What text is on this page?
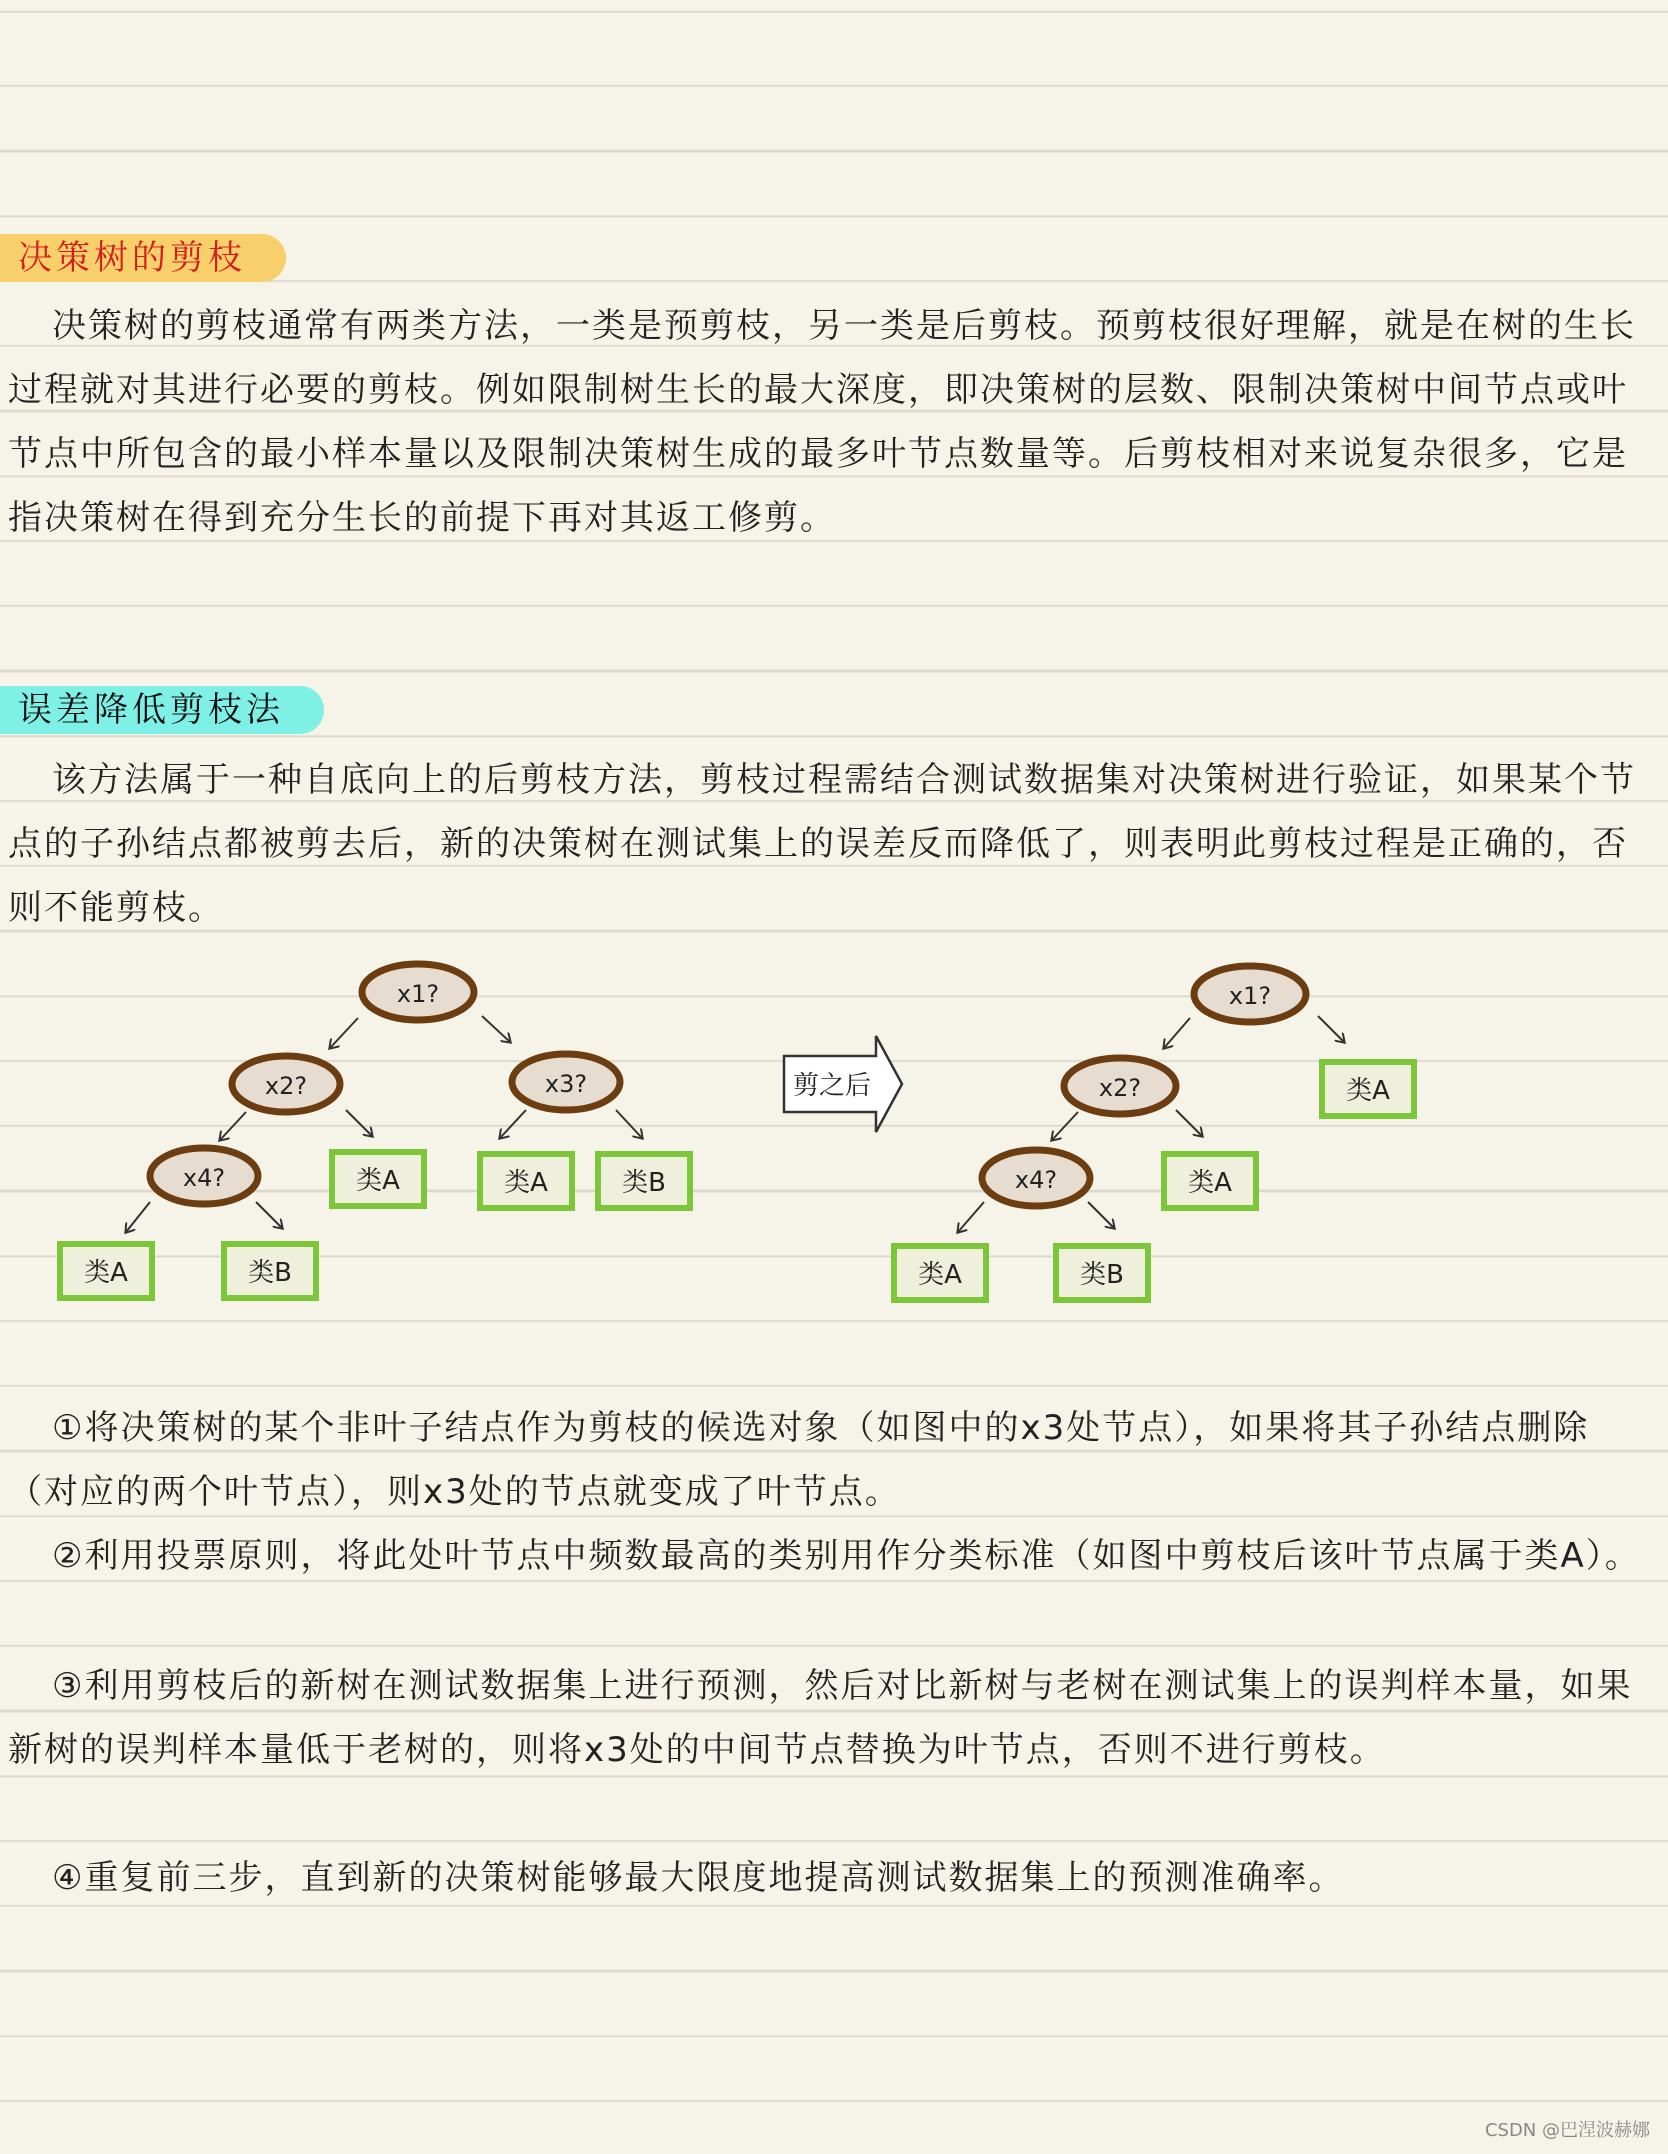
决策树的剪枝

决策树的剪枝通常有两类方法，一类是预剪枝，另一类是后剪枝。预剪枝很好理解，就是在树的生长过程就对其进行必要的剪枝。例如限制树生长的最大深度，即决策树的层数、限制决策树中间节点或叶节点中所包含的最小样本量以及限制决策树生成的最多叶节点数量等。后剪枝相对来说复杂很多，它是指决策树在得到充分生长的前提下再对其返工修剪。

误差降低剪枝法

该方法属于一种自底向上的后剪枝方法，剪枝过程需结合测试数据集对决策树进行验证，如果某个节点的子孙结点都被剪去后，新的决策树在测试集上的误差反而降低了，则表明此剪枝过程是正确的，否则不能剪枝。

x1?
x2?	x3?
x4?	类A	类A	类B
类A	类B
剪之后
x1?
x2?
x4?
类A
类A
类A	类B

①将决策树的某个非叶子结点作为剪枝的候选对象（如图中的x3处节点），如果将其子孙结点删除（对应的两个叶节点），则x3处的节点就变成了叶节点。

②利用投票原则，将此处叶节点中频数最高的类别用作分类标准（如图中剪枝后该叶节点属于类A）。

③利用剪枝后的新树在测试数据集上进行预测，然后对比新树与老树在测试集上的误判样本量，如果新树的误判样本量低于老树的，则将x3处的中间节点替换为叶节点，否则不进行剪枝。

④重复前三步，直到新的决策树能够最大限度地提高测试数据集上的预测准确率。

CSDN @巴涅波赫娜
